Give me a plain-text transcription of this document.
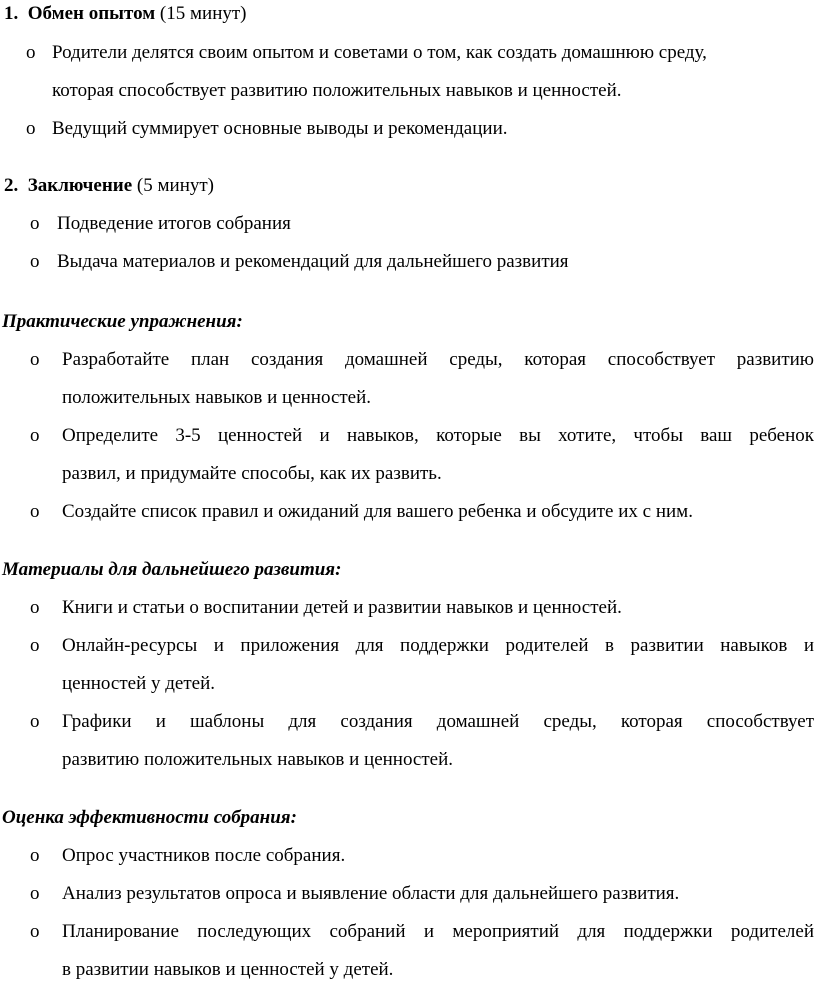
1. Обмен опытом (15 минут)
o Родители делятся своим опытом и советами о том, как создать домашнюю среду,
которая способствует развитию положительных навыков и ценностей.
o Ведущий суммирует основные выводы и рекомендации.
2. Заключение (5 минут)
o Подведение итогов собрания
o Выдача материалов и рекомендаций для дальнейшего развития
Практические упражнения:
o Разработайте план создания домашней среды, которая способствует развитию
положительных навыков и ценностей.
o Определите 3-5 ценностей и навыков, которые вы хотите, чтобы ваш ребенок
развил, и придумайте способы, как их развить.
o Создайте список правил и ожиданий для вашего ребенка и обсудите их с ним.
Материалы для дальнейшего развития:
o Книги и статьи о воспитании детей и развитии навыков и ценностей.
o Онлайн-ресурсы и приложения для поддержки родителей в развитии навыков и
ценностей у детей.
o Графики и шаблоны для создания домашней среды, которая способствует
развитию положительных навыков и ценностей.
Оценка эффективности собрания:
o Опрос участников после собрания.
o Анализ результатов опроса и выявление области для дальнейшего развития.
o Планирование последующих собраний и мероприятий для поддержки родителей
в развитии навыков и ценностей у детей.
